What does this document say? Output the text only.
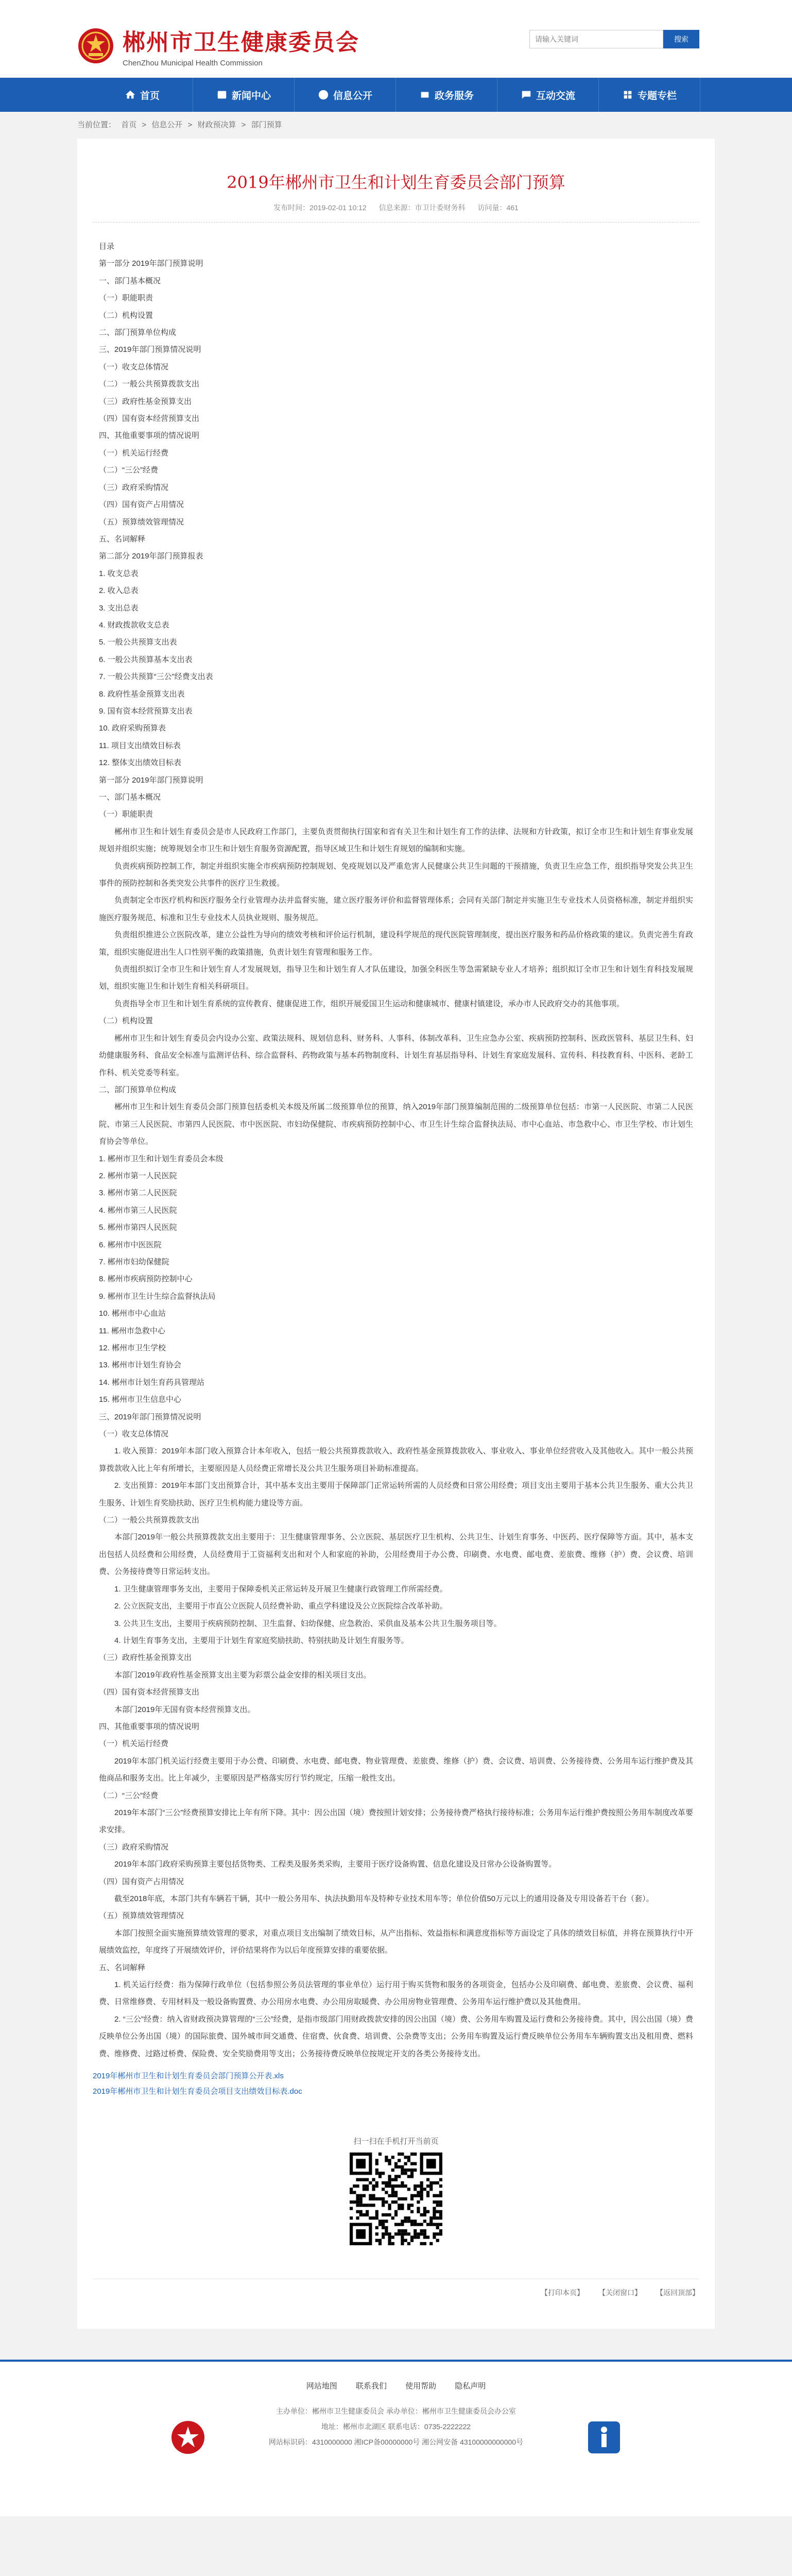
郴州市卫生健康委员会
ChenZhou Municipal Health Commission
请输入关键词
搜索
首页	新闻中心	信息公开	政务服务	互动交流	专题专栏
当前位置： 首页 > 信息公开 > 财政预决算 > 部门预算
2019年郴州市卫生和计划生育委员会部门预算
发布时间：2019-02-01 10:12 信息来源：市卫计委财务科 访问量：461

目录

第一部分 2019年部门预算说明

一、部门基本概况

（一）职能职责

（二）机构设置

二、部门预算单位构成

三、2019年部门预算情况说明

（一）收支总体情况

（二）一般公共预算拨款支出

（三）政府性基金预算支出

（四）国有资本经营预算支出

四、其他重要事项的情况说明

（一）机关运行经费

（二）“三公”经费

（三）政府采购情况

（四）国有资产占用情况

（五）预算绩效管理情况

五、名词解释

第二部分 2019年部门预算报表

1. 收支总表

2. 收入总表

3. 支出总表

4. 财政拨款收支总表

5. 一般公共预算支出表

6. 一般公共预算基本支出表

7. 一般公共预算“三公”经费支出表

8. 政府性基金预算支出表

9. 国有资本经营预算支出表

10. 政府采购预算表

11. 项目支出绩效目标表

12. 整体支出绩效目标表

第一部分 2019年部门预算说明

一、部门基本概况

（一）职能职责

郴州市卫生和计划生育委员会是市人民政府工作部门，主要负责贯彻执行国家和省有关卫生和计划生育工作的法律、法规和方针政策，拟订全市卫生和计划生育事业发展规划并组织实施；统筹规划全市卫生和计划生育服务资源配置，指导区域卫生和计划生育规划的编制和实施。

负责疾病预防控制工作，制定并组织实施全市疾病预防控制规划、免疫规划以及严重危害人民健康公共卫生问题的干预措施，负责卫生应急工作，组织指导突发公共卫生事件的预防控制和各类突发公共事件的医疗卫生救援。

负责制定全市医疗机构和医疗服务全行业管理办法并监督实施，建立医疗服务评价和监督管理体系；会同有关部门制定并实施卫生专业技术人员资格标准，制定并组织实施医疗服务规范、标准和卫生专业技术人员执业规则、服务规范。

负责组织推进公立医院改革，建立公益性为导向的绩效考核和评价运行机制，建设科学规范的现代医院管理制度，提出医疗服务和药品价格政策的建议。负责完善生育政策，组织实施促进出生人口性别平衡的政策措施，负责计划生育管理和服务工作。

负责组织拟订全市卫生和计划生育人才发展规划，指导卫生和计划生育人才队伍建设，加强全科医生等急需紧缺专业人才培养；组织拟订全市卫生和计划生育科技发展规划，组织实施卫生和计划生育相关科研项目。

负责指导全市卫生和计划生育系统的宣传教育、健康促进工作，组织开展爱国卫生运动和健康城市、健康村镇建设，承办市人民政府交办的其他事项。

（二）机构设置

郴州市卫生和计划生育委员会内设办公室、政策法规科、规划信息科、财务科、人事科、体制改革科、卫生应急办公室、疾病预防控制科、医政医管科、基层卫生科、妇幼健康服务科、食品安全标准与监测评估科、综合监督科、药物政策与基本药物制度科、计划生育基层指导科、计划生育家庭发展科、宣传科、科技教育科、中医科、老龄工作科、机关党委等科室。

二、部门预算单位构成

郴州市卫生和计划生育委员会部门预算包括委机关本级及所属二级预算单位的预算，纳入2019年部门预算编制范围的二级预算单位包括：市第一人民医院、市第二人民医院、市第三人民医院、市第四人民医院、市中医医院、市妇幼保健院、市疾病预防控制中心、市卫生计生综合监督执法局、市中心血站、市急救中心、市卫生学校、市计划生育协会等单位。

1. 郴州市卫生和计划生育委员会本级

2. 郴州市第一人民医院

3. 郴州市第二人民医院

4. 郴州市第三人民医院

5. 郴州市第四人民医院

6. 郴州市中医医院

7. 郴州市妇幼保健院

8. 郴州市疾病预防控制中心

9. 郴州市卫生计生综合监督执法局

10. 郴州市中心血站

11. 郴州市急救中心

12. 郴州市卫生学校

13. 郴州市计划生育协会

14. 郴州市计划生育药具管理站

15. 郴州市卫生信息中心

三、2019年部门预算情况说明

（一）收支总体情况

1. 收入预算：2019年本部门收入预算合计本年收入，包括一般公共预算拨款收入、政府性基金预算拨款收入、事业收入、事业单位经营收入及其他收入。其中一般公共预算拨款收入比上年有所增长，主要原因是人员经费正常增长及公共卫生服务项目补助标准提高。

2. 支出预算：2019年本部门支出预算合计，其中基本支出主要用于保障部门正常运转所需的人员经费和日常公用经费；项目支出主要用于基本公共卫生服务、重大公共卫生服务、计划生育奖励扶助、医疗卫生机构能力建设等方面。

（二）一般公共预算拨款支出

本部门2019年一般公共预算拨款支出主要用于：卫生健康管理事务、公立医院、基层医疗卫生机构、公共卫生、计划生育事务、中医药、医疗保障等方面。其中，基本支出包括人员经费和公用经费，人员经费用于工资福利支出和对个人和家庭的补助，公用经费用于办公费、印刷费、水电费、邮电费、差旅费、维修（护）费、会议费、培训费、公务接待费等日常运转支出。

1. 卫生健康管理事务支出，主要用于保障委机关正常运转及开展卫生健康行政管理工作所需经费。

2. 公立医院支出，主要用于市直公立医院人员经费补助、重点学科建设及公立医院综合改革补助。

3. 公共卫生支出，主要用于疾病预防控制、卫生监督、妇幼保健、应急救治、采供血及基本公共卫生服务项目等。

4. 计划生育事务支出，主要用于计划生育家庭奖励扶助、特别扶助及计划生育服务等。

（三）政府性基金预算支出

本部门2019年政府性基金预算支出主要为彩票公益金安排的相关项目支出。

（四）国有资本经营预算支出

本部门2019年无国有资本经营预算支出。

四、其他重要事项的情况说明

（一）机关运行经费

2019年本部门机关运行经费主要用于办公费、印刷费、水电费、邮电费、物业管理费、差旅费、维修（护）费、会议费、培训费、公务接待费、公务用车运行维护费及其他商品和服务支出。比上年减少，主要原因是严格落实厉行节约规定，压缩一般性支出。

（二）“三公”经费

2019年本部门“三公”经费预算安排比上年有所下降。其中：因公出国（境）费按照计划安排；公务接待费严格执行接待标准；公务用车运行维护费按照公务用车制度改革要求安排。

（三）政府采购情况

2019年本部门政府采购预算主要包括货物类、工程类及服务类采购，主要用于医疗设备购置、信息化建设及日常办公设备购置等。

（四）国有资产占用情况

截至2018年底，本部门共有车辆若干辆，其中一般公务用车、执法执勤用车及特种专业技术用车等；单位价值50万元以上的通用设备及专用设备若干台（套）。

（五）预算绩效管理情况

本部门按照全面实施预算绩效管理的要求，对重点项目支出编制了绩效目标，从产出指标、效益指标和满意度指标等方面设定了具体的绩效目标值，并将在预算执行中开展绩效监控，年度终了开展绩效评价，评价结果将作为以后年度预算安排的重要依据。

五、名词解释

1. 机关运行经费：指为保障行政单位（包括参照公务员法管理的事业单位）运行用于购买货物和服务的各项资金，包括办公及印刷费、邮电费、差旅费、会议费、福利费、日常维修费、专用材料及一般设备购置费、办公用房水电费、办公用房取暖费、办公用房物业管理费、公务用车运行维护费以及其他费用。

2. “三公”经费：纳入省财政预决算管理的“三公”经费，是指市级部门用财政拨款安排的因公出国（境）费、公务用车购置及运行费和公务接待费。其中，因公出国（境）费反映单位公务出国（境）的国际旅费、国外城市间交通费、住宿费、伙食费、培训费、公杂费等支出；公务用车购置及运行费反映单位公务用车车辆购置支出及租用费、燃料费、维修费、过路过桥费、保险费、安全奖励费用等支出；公务接待费反映单位按规定开支的各类公务接待支出。

2019年郴州市卫生和计划生育委员会部门预算公开表.xls
2019年郴州市卫生和计划生育委员会项目支出绩效目标表.doc
扫一扫在手机打开当前页
【打印本页】 【关闭窗口】 【返回顶部】
网站地图 联系我们 使用帮助 隐私声明
主办单位：郴州市卫生健康委员会 承办单位：郴州市卫生健康委员会办公室
地址：郴州市北湖区 联系电话：0735-2222222
网站标识码：4310000000 湘ICP备00000000号 湘公网安备 43100000000000号
